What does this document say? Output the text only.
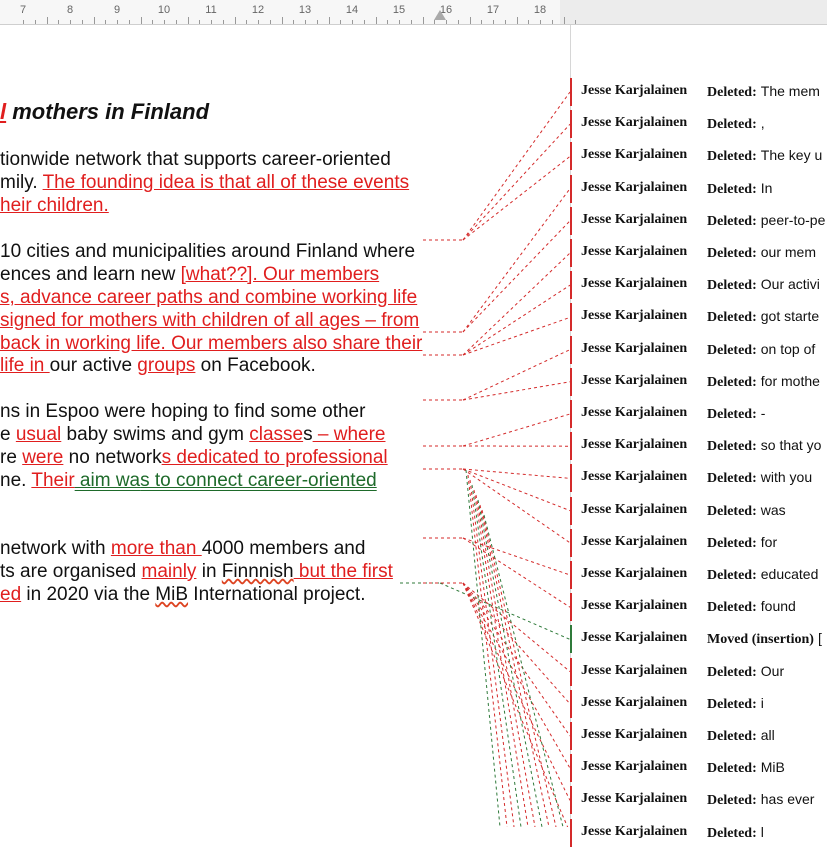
7	8	9	10	11	12	13	14	15	16	17	18
l mothers in Finland
tionwide network that supports career-oriented
mily. The founding idea is that all of these events
heir children.
10 cities and municipalities around Finland where
ences and learn new [what??]. Our members
s, advance career paths and combine working life
signed for mothers with children of all ages – from
back in working life. Our members also share their
life in our active groups on Facebook.
ns in Espoo were hoping to find some other
e usual baby swims and gym classes – where
re were no networks dedicated to professional
ne. Their aim was to connect career-oriented
network with more than 4000 members and
ts are organised mainly in Finnnish but the first
ed in 2020 via the MiB International project.
Jesse Karjalainen Deleted: The mem
Jesse Karjalainen Deleted: ,
Jesse Karjalainen Deleted: The key u
Jesse Karjalainen Deleted: In
Jesse Karjalainen Deleted: peer-to-pe
Jesse Karjalainen Deleted: our mem
Jesse Karjalainen Deleted: Our activi
Jesse Karjalainen Deleted: got starte
Jesse Karjalainen Deleted: on top of
Jesse Karjalainen Deleted: for mothe
Jesse Karjalainen Deleted: -
Jesse Karjalainen Deleted: so that yo
Jesse Karjalainen Deleted: with you
Jesse Karjalainen Deleted: was
Jesse Karjalainen Deleted: for
Jesse Karjalainen Deleted: educated
Jesse Karjalainen Deleted: found
Jesse Karjalainen Moved (insertion) [
Jesse Karjalainen Deleted: Our
Jesse Karjalainen Deleted: i
Jesse Karjalainen Deleted: all
Jesse Karjalainen Deleted: MiB
Jesse Karjalainen Deleted: has ever
Jesse Karjalainen Deleted: l
